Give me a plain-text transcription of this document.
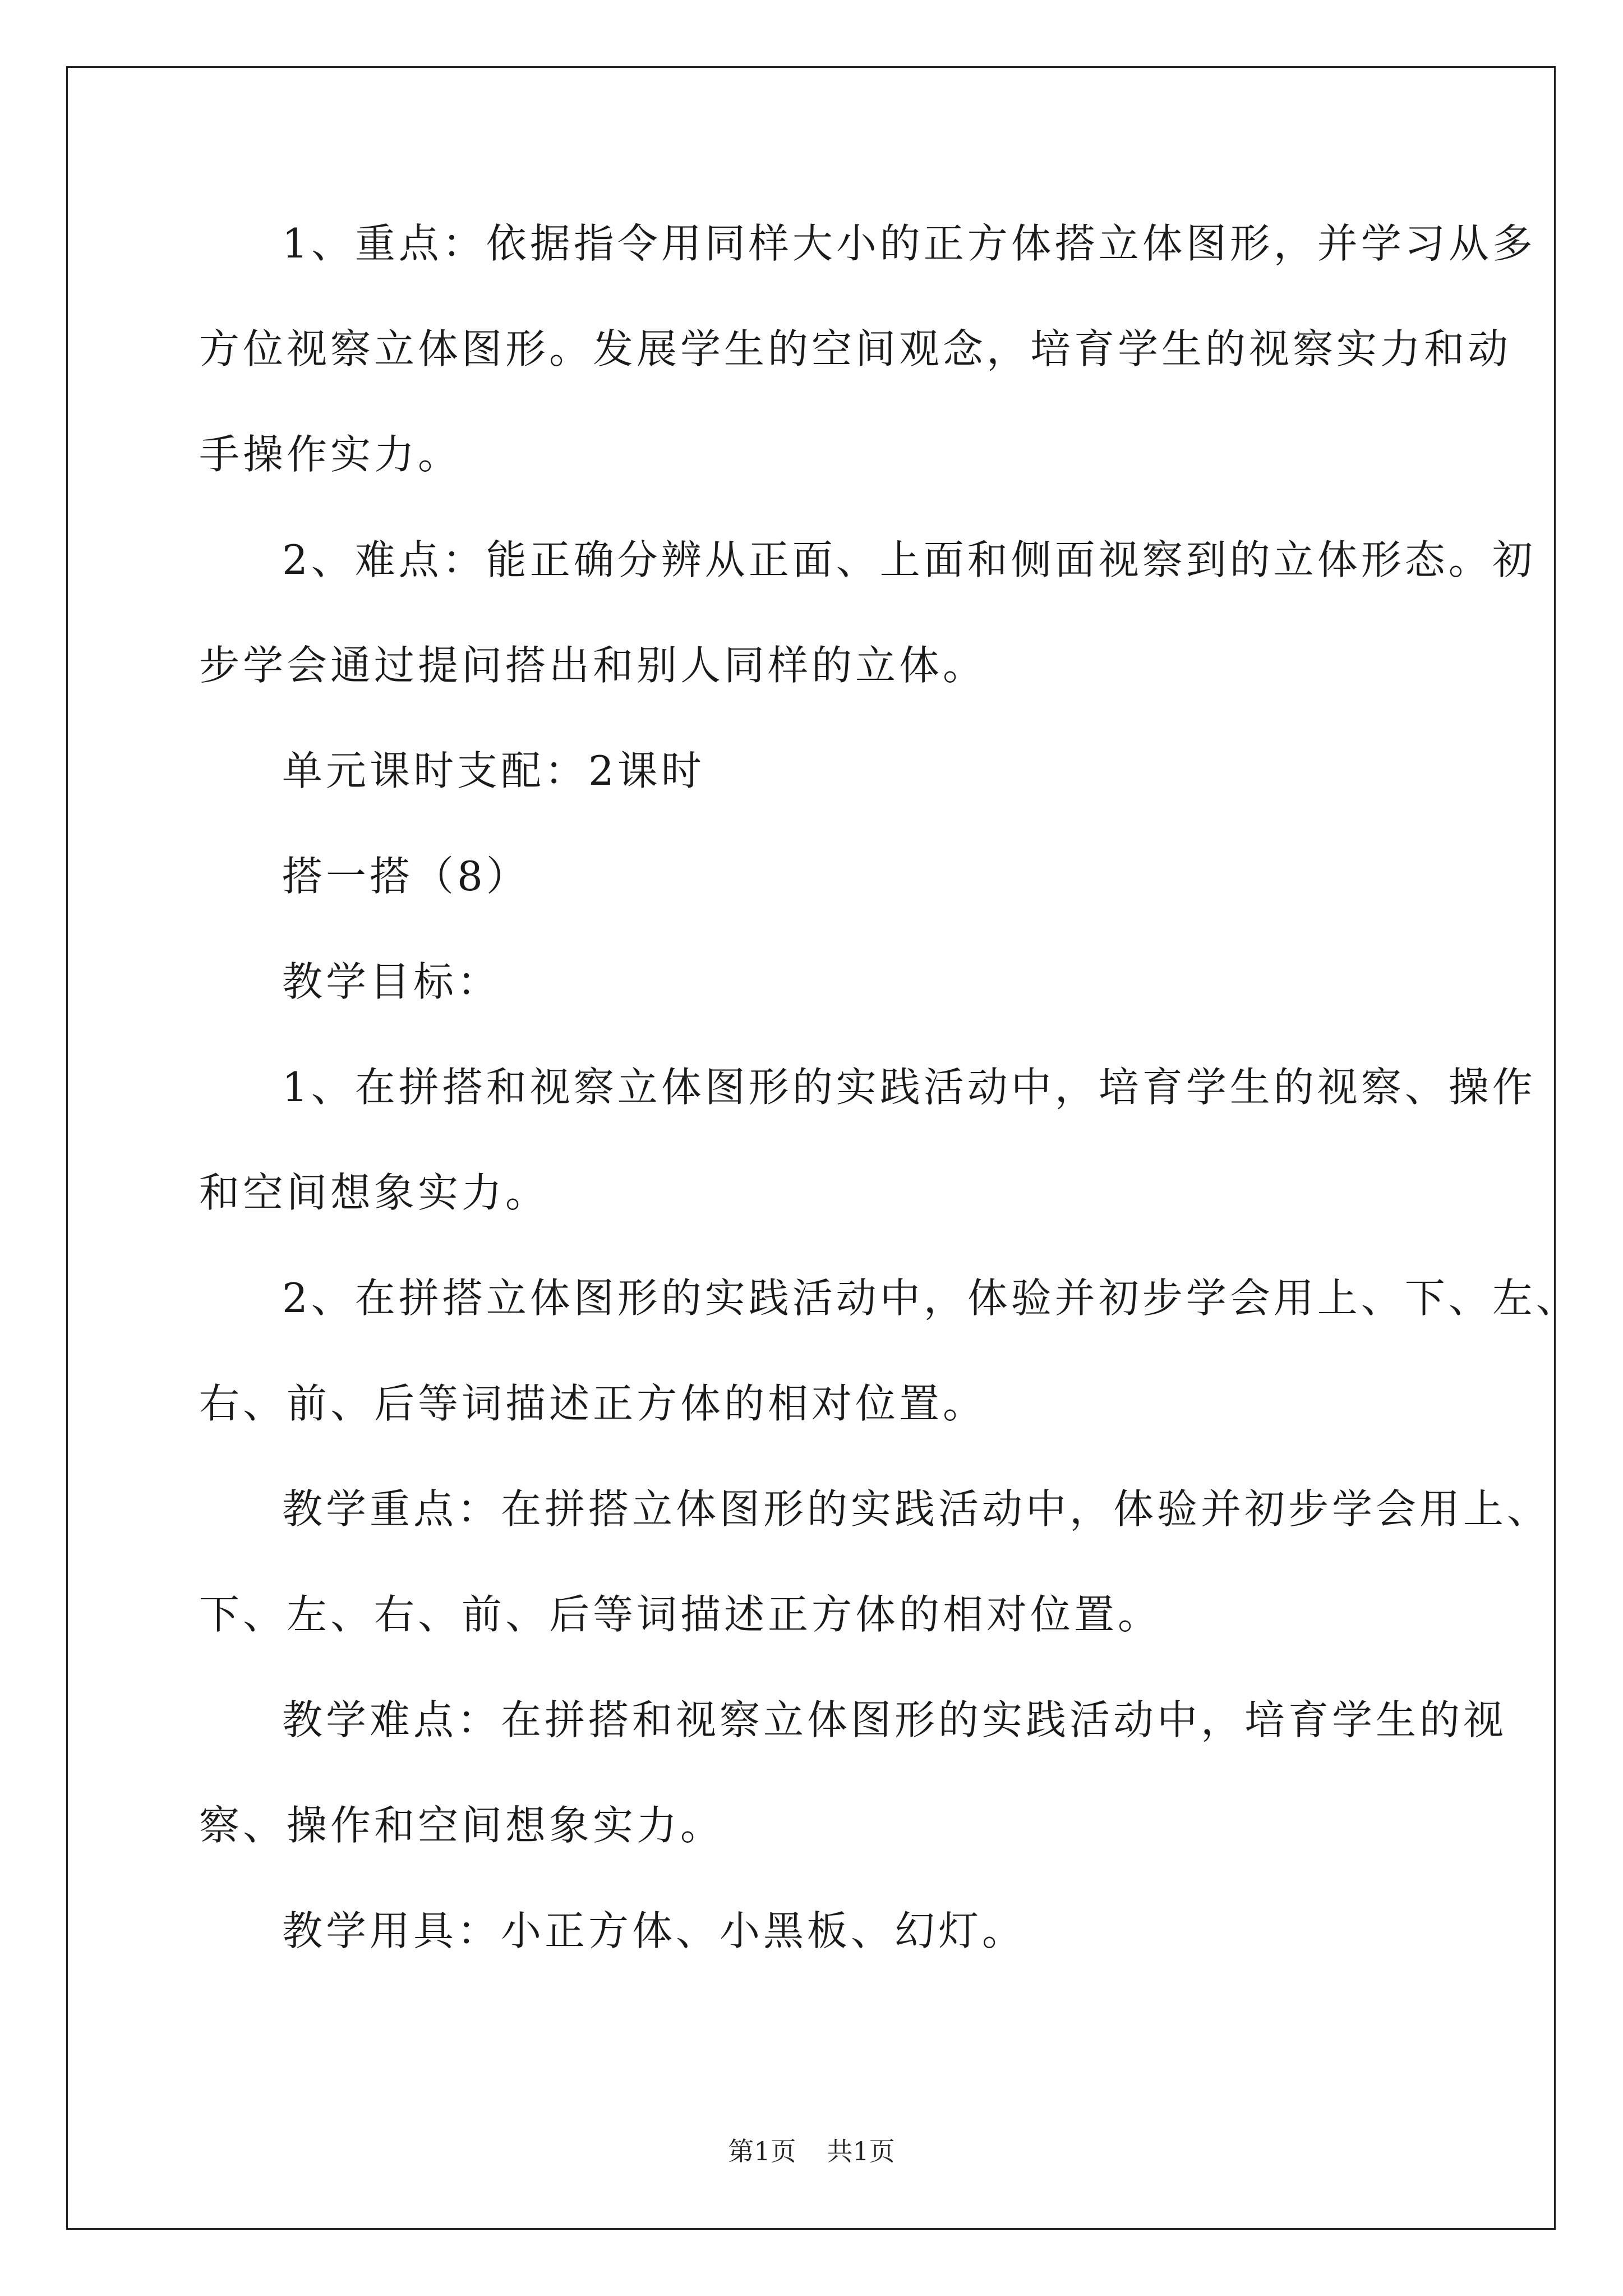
1、重点：依据指令用同样大小的正方体搭立体图形，并学习从多

方位视察立体图形。发展学生的空间观念，培育学生的视察实力和动

手操作实力。

2、难点：能正确分辨从正面、上面和侧面视察到的立体形态。初

步学会通过提问搭出和别人同样的立体。

单元课时支配：2课时

搭一搭（8）

教学目标：

1、在拼搭和视察立体图形的实践活动中，培育学生的视察、操作

和空间想象实力。

2、在拼搭立体图形的实践活动中，体验并初步学会用上、下、左、

右、前、后等词描述正方体的相对位置。

教学重点：在拼搭立体图形的实践活动中，体验并初步学会用上、

下、左、右、前、后等词描述正方体的相对位置。

教学难点：在拼搭和视察立体图形的实践活动中，培育学生的视

察、操作和空间想象实力。

教学用具：小正方体、小黑板、幻灯。

第1页 共1页
